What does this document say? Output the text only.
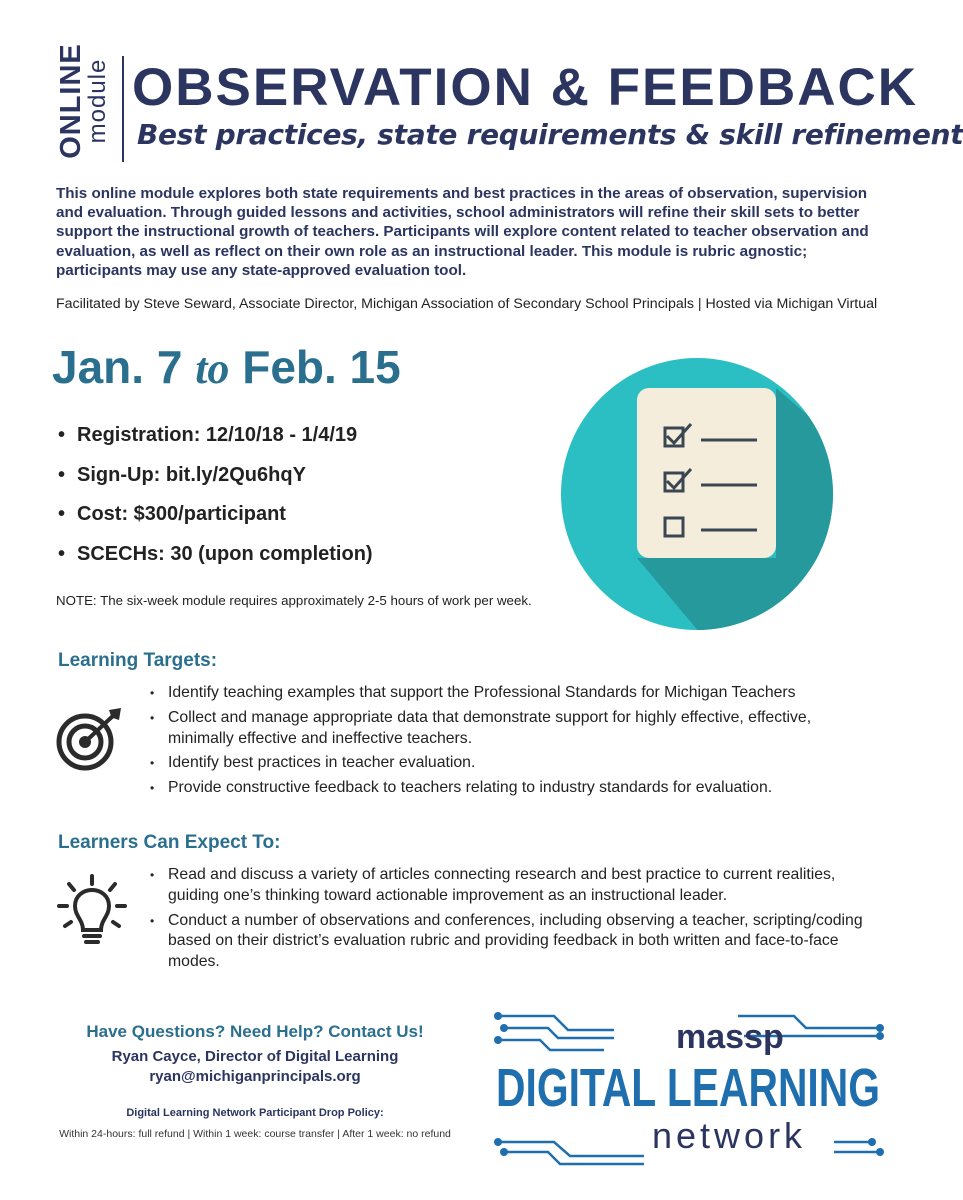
ONLINE
module OBSERVATION & FEEDBACK
Best practices, state requirements & skill refinement

This online module explores both state requirements and best practices in the areas of observation, supervision and evaluation. Through guided lessons and activities, school administrators will refine their skill sets to better support the instructional growth of teachers. Participants will explore content related to teacher observation and evaluation, as well as reflect on their own role as an instructional leader. This module is rubric agnostic; participants may use any state-approved evaluation tool.

Facilitated by Steve Seward, Associate Director, Michigan Association of Secondary School Principals | Hosted via Michigan Virtual
Jan. 7 to Feb. 15
• Registration: 12/10/18 - 1/4/19
• Sign-Up: bit.ly/2Qu6hqY
• Cost: $300/participant
• SCECHs: 30 (upon completion)
NOTE: The six-week module requires approximately 2-5 hours of work per week.
Learning Targets:
• Identify teaching examples that support the Professional Standards for Michigan Teachers
• Collect and manage appropriate data that demonstrate support for highly effective, effective, minimally effective and ineffective teachers.
• Identify best practices in teacher evaluation.
• Provide constructive feedback to teachers relating to industry standards for evaluation.
Learners Can Expect To:
• Read and discuss a variety of articles connecting research and best practice to current realities, guiding one’s thinking toward actionable improvement as an instructional leader.
• Conduct a number of observations and conferences, including observing a teacher, scripting/coding based on their district’s evaluation rubric and providing feedback in both written and face-to-face modes.
Have Questions? Need Help? Contact Us!
Ryan Cayce, Director of Digital Learning
ryan@michiganprincipals.org
Digital Learning Network Participant Drop Policy:
Within 24-hours: full refund | Within 1 week: course transfer | After 1 week: no refund
massp
DIGITAL LEARNING
network
